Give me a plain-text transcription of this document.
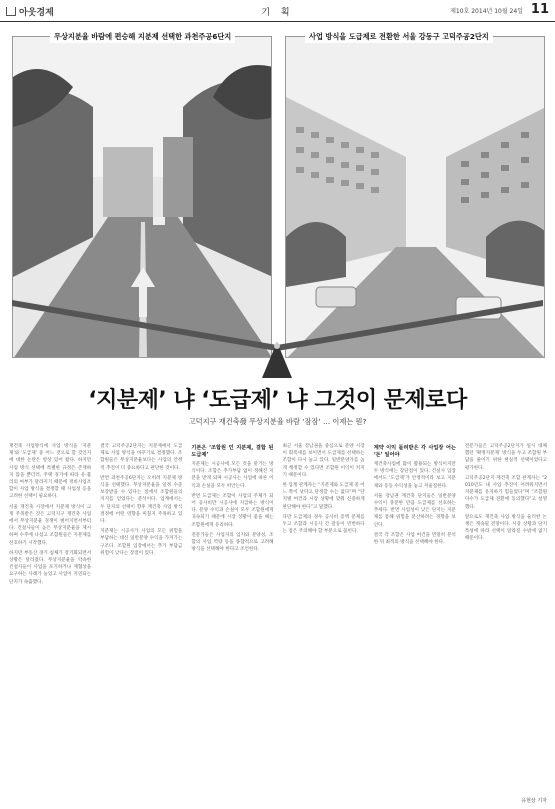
아웃경제	기 획	제10호 2014년 10월 24일 11
무상지분율 바람에 편승해 지분제 선택한 과천주공6단지	사업 방식을 도급제로 전환한 서울 강동구 고덕주공2단지
‘지분제’ 냐 ‘도급제’ 냐 그것이 문제로다
고덕지구 재건축發 무상지분율 바람 ‘잠잠’ … 이제는 뭔?

재건축 사업방식에 사업 방식을 '지분제'와 '도급제' 중 어느 것으로 할 것인지에 대한 논란은 항상 있어 왔다. 하지만 사업 방식 선택에 특별한 규정은 존재하지 않을 뿐더러, 주택 경기에 따라 유·불리의 여부가 달라지기 때문에 정비사업조합이 사업 방식을 결정할 때 사업성 등을 고려한 선택이 필요하다.

서울 재건축 시장에서 지분제 방식이 크게 주목받은 것은 고덕지구 재건축 사업에서 무상지분율 경쟁이 벌어지면서부터다. 건설사들이 높은 무상지분율을 제시하며 수주에 나섰고 조합원들은 지분제를 선호하기 시작했다.

하지만 부동산 경기 침체가 장기화되면서 상황은 달라졌다. 무상지분율을 약속한 건설사들이 사업을 포기하거나 재협상을 요구하는 사례가 늘었고 사업이 지연되는 단지가 속출했다.

결국 고덕주공2단지는 지분제에서 도급제로 사업 방식을 바꾸기로 결정했다. 조합원들은 무상지분율보다는 사업의 안정적 추진이 더 중요하다고 판단한 것이다.

반면 과천주공6단지는 오히려 지분제 방식을 선택했다. 무상지분율을 일정 수준 보장받을 수 있다는 점에서 조합원들의 지지를 얻었다는 분석이다. 업계에서는 두 단지의 선택이 향후 재건축 사업 방식 결정에 어떤 영향을 미칠지 주목하고 있다.

지분제는 시공사가 사업의 모든 위험을 부담하는 대신 일반분양 수익을 가져가는 구조다. 조합원 입장에서는 추가 부담금 위험이 낮다는 장점이 있다.

기본은 ‘조합원 인 지분제, 결합 된 도급제’

지분제는 시공사에 모든 것을 맡기는 방식이다. 조합은 추가부담 없이 정해진 지분을 받게 되며 시공사는 사업에 따른 이익과 손실을 모두 떠안는다.

반면 도급제는 조합이 사업의 주체가 되어 공사비만 시공사에 지급하는 방식이다. 분양 수익과 손실이 모두 조합원에게 귀속되기 때문에 시장 상황이 좋을 때는 조합원에게 유리하다.

전문가들은 사업지의 입지와 분양성, 조합의 사업 역량 등을 종합적으로 고려해 방식을 선택해야 한다고 조언한다.

최근 서울 강남권을 중심으로 분양 시장이 회복세를 보이면서 도급제를 선택하는 조합이 다시 늘고 있다. 일반분양가를 높게 책정할 수 있다면 조합원 이익이 커지기 때문이다.

한 업계 관계자는 “지분제와 도급제 중 어느 쪽이 낫다고 단정할 수는 없다”며 “단지별 여건과 시장 상황에 맞춰 신중하게 판단해야 한다”고 말했다.

다만 도급제의 경우 공사비 증액 문제를 두고 조합과 시공사 간 갈등이 빈번하다는 점은 주의해야 할 부분으로 꼽힌다.

계약 이익 돌려받은 각 사업장 어는 ‘돈’ 일어야

재건축사업에 많이 활용되는 방식이지만 두 방식에는 장단점이 있다. 건설사 입장에서도 ‘도급제’가 안정적이라 보고 지분제와 동등 수익성을 놓고 저울질한다.

서울 강남권 재건축 단지들은 일반분양 수익이 충분한 만큼 도급제를 선호하는 추세다. 반면 사업성이 낮은 단지는 지분제를 통해 위험을 분산하려는 경향을 보인다.

결국 각 조합은 사업 여건을 면밀히 분석한 뒤 최적의 방식을 선택해야 한다.

전문가들은 고덕주공2단지가 일시 대체했던 ‘확정지분제’ 방식을 두고 조합원 부담을 줄이기 위한 현실적 선택이었다고 평가한다.

고덕주공2단지 재건축 조합 관계자는 “2010년도 내 사업 추진이 어려워지면서 지분제를 유지하기 힘들었다”며 “조합원 다수가 도급제 전환에 동의했다”고 설명했다.

앞으로도 재건축 사업 방식을 둘러싼 논쟁은 계속될 전망이다. 시장 상황과 단지 특성에 따라 선택이 달라질 수밖에 없기 때문이다.

유현상 기자
